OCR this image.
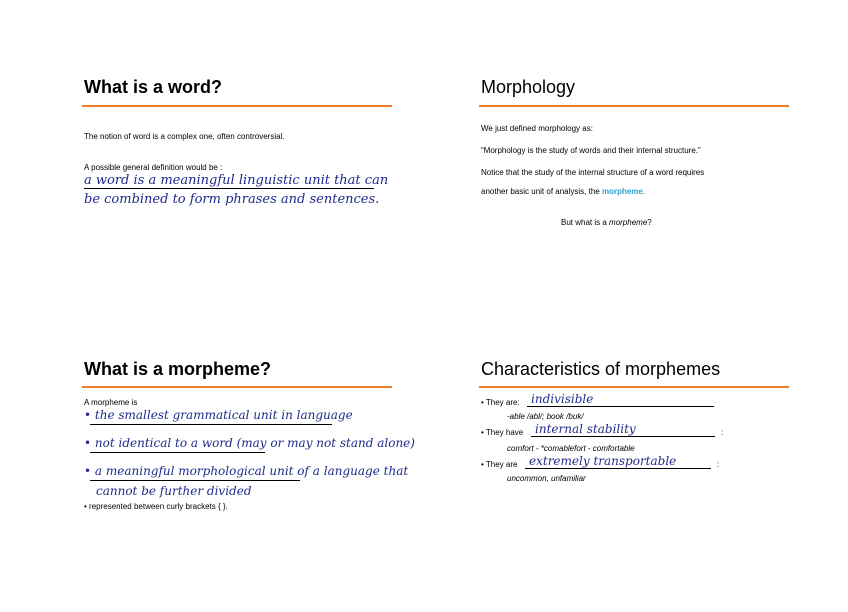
What is a word?
The notion of word is a complex one, often controversial.
A possible general definition would be :
a word is a meaningful linguistic unit that can
be combined to form phrases and sentences.
Morphology
We just defined morphology as:
“Morphology is the study of words and their internal structure.”
Notice that the study of the internal structure of a word requires
another basic unit of analysis, the morpheme.
But what is a morpheme?
What is a morpheme?
A morpheme is
• the smallest grammatical unit in language
• not identical to a word (may or may not stand alone)
• a meaningful morphological unit of a language that
cannot be further divided
• represented between curly brackets { }.
Characteristics of morphemes
• They are: indivisible
-able /abl/; book /bʊk/
• They have internal stability	:
comfort - *comablefort - comfortable
• They are extremely transportable	:
uncommon, unfamiliar
